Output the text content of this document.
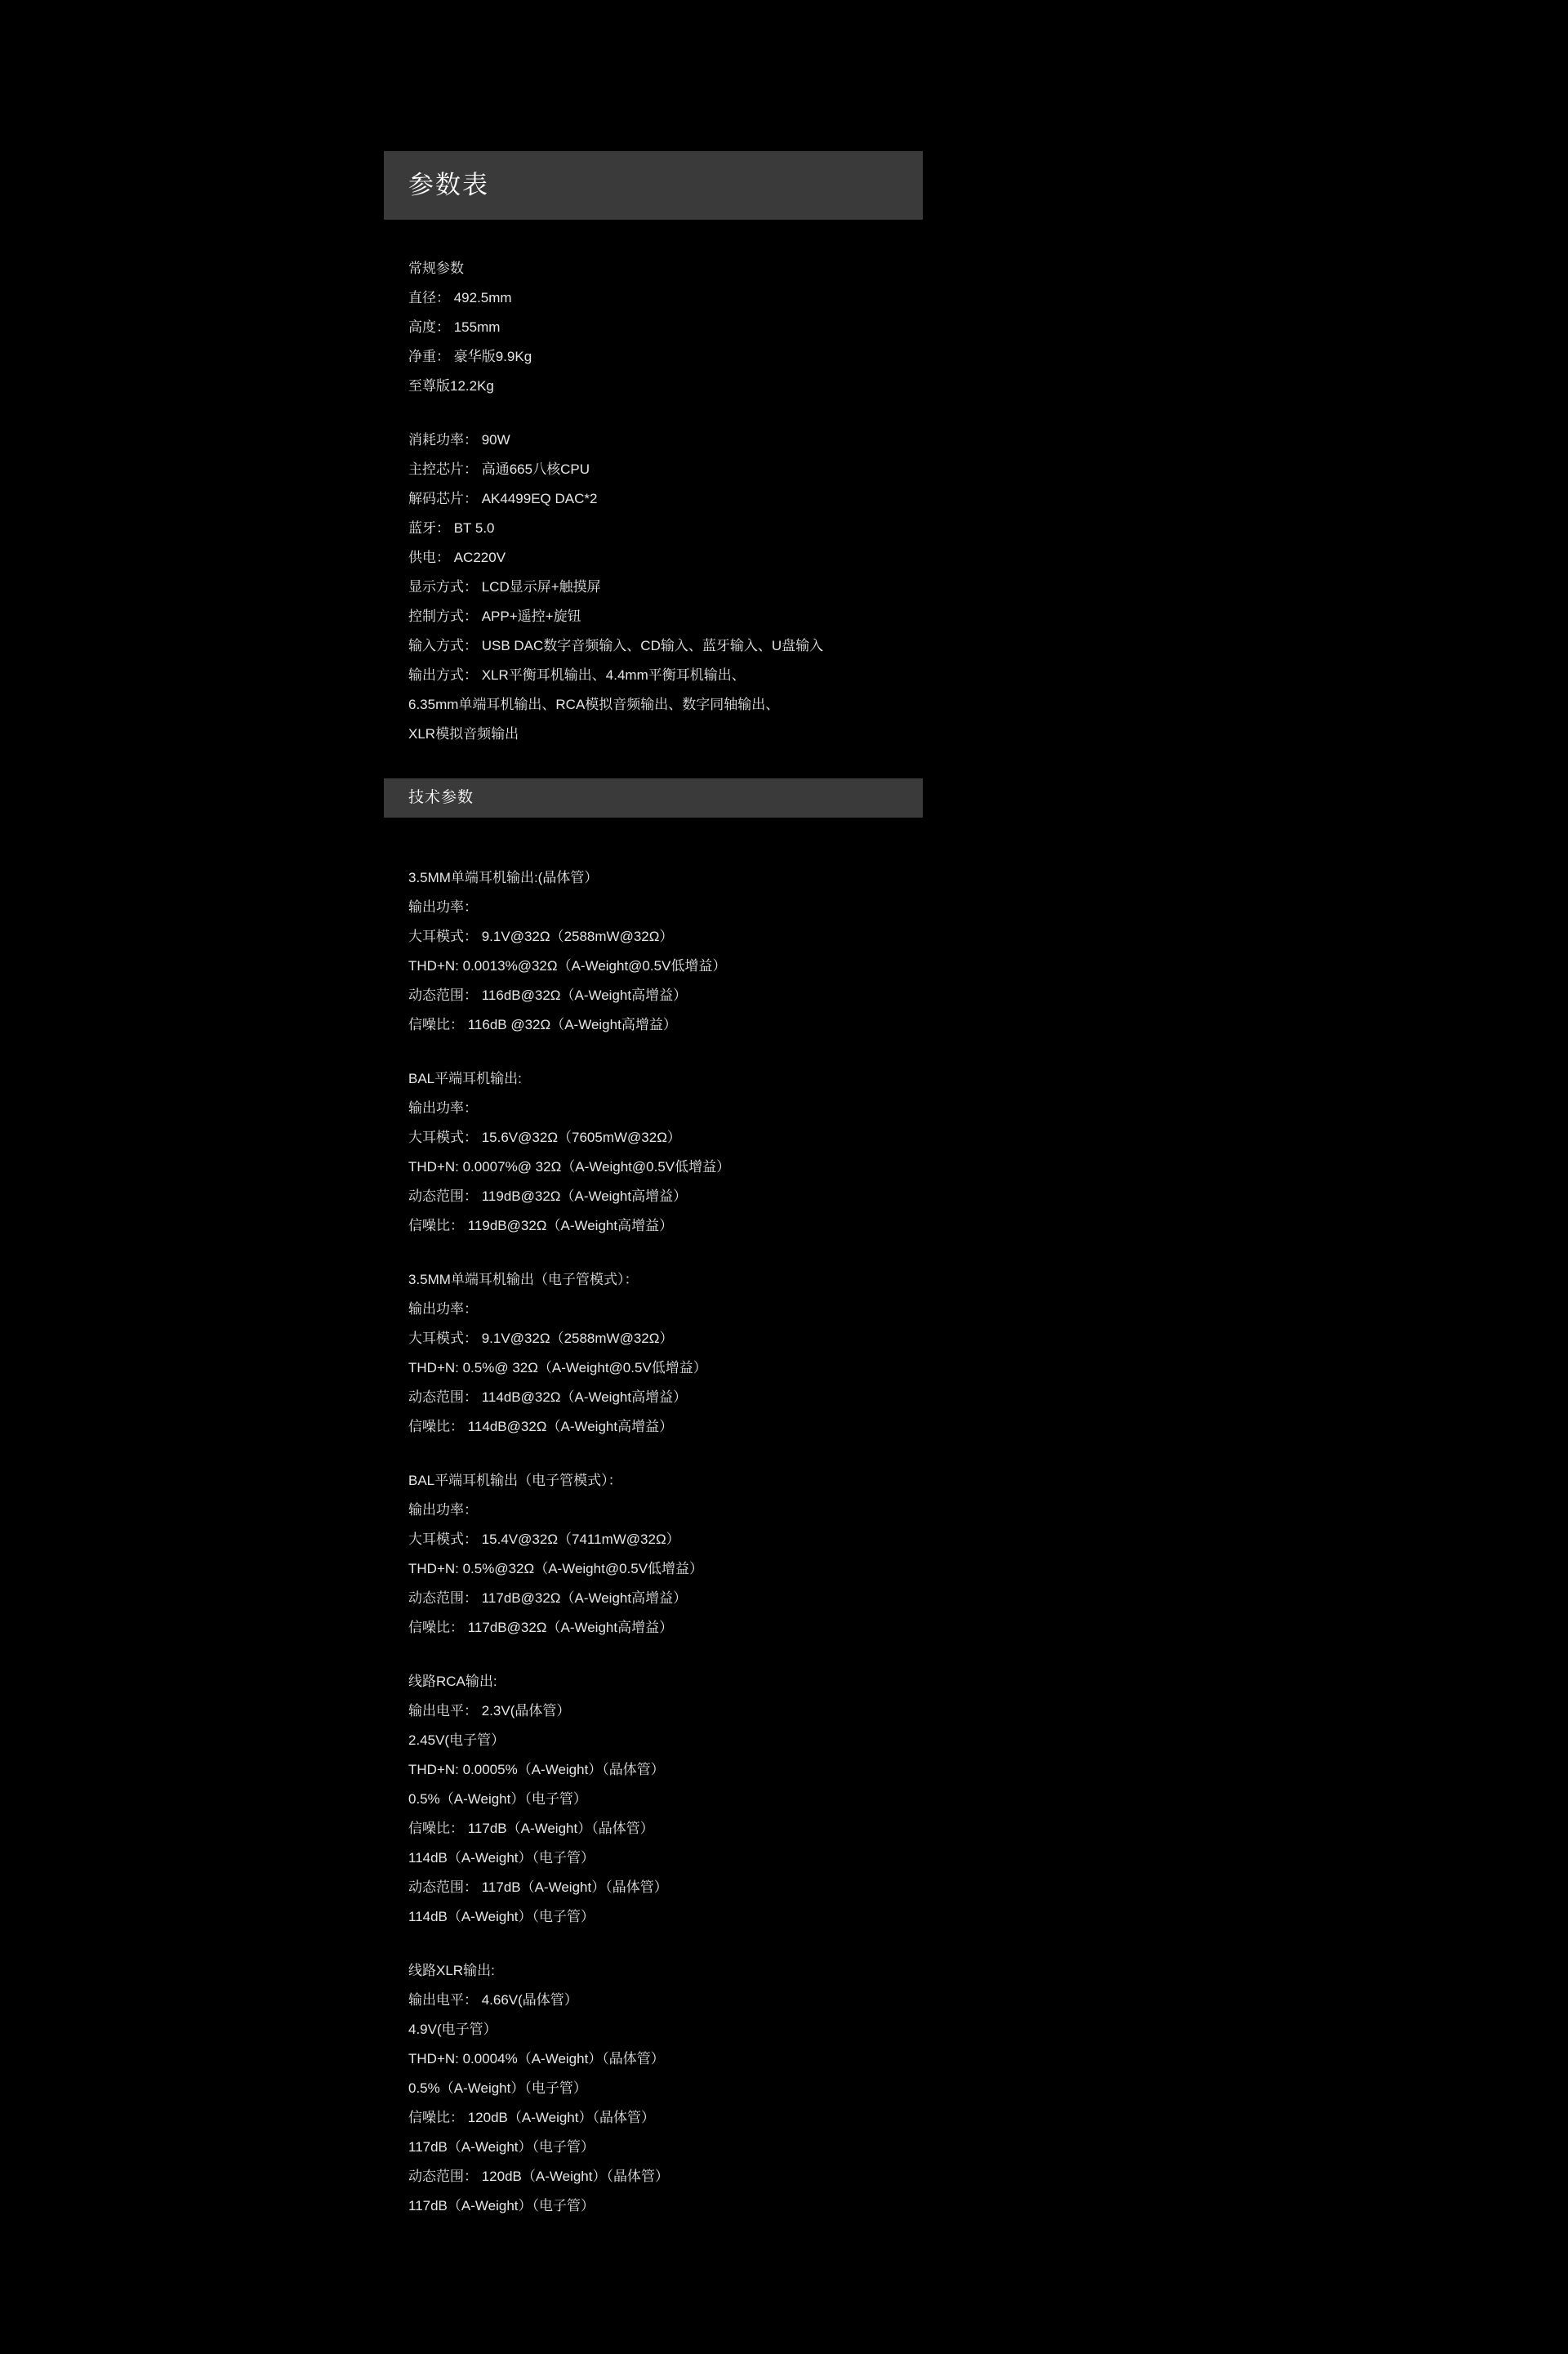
参数表
常规参数
直径： 492.5mm
高度： 155mm
净重： 豪华版9.9Kg
至尊版12.2Kg
消耗功率： 90W
主控芯片： 高通665八核CPU
解码芯片： AK4499EQ DAC*2
蓝牙： BT 5.0
供电： AC220V
显示方式： LCD显示屏+触摸屏
控制方式： APP+遥控+旋钮
输入方式： USB DAC数字音频输入、CD输入、蓝牙输入、U盘输入
输出方式： XLR平衡耳机输出、4.4mm平衡耳机输出、
6.35mm单端耳机输出、RCA模拟音频输出、数字同轴输出、
XLR模拟音频输出
技术参数
3.5MM单端耳机输出:(晶体管）
输出功率：
大耳模式： 9.1V@32Ω（2588mW@32Ω）
THD+N: 0.0013%@32Ω（A-Weight@0.5V低增益）
动态范围： 116dB@32Ω（A-Weight高增益）
信噪比： 116dB @32Ω（A-Weight高增益）
BAL平端耳机输出:
输出功率：
大耳模式： 15.6V@32Ω（7605mW@32Ω）
THD+N: 0.0007%@ 32Ω（A-Weight@0.5V低增益）
动态范围： 119dB@32Ω（A-Weight高增益）
信噪比： 119dB@32Ω（A-Weight高增益）
3.5MM单端耳机输出（电子管模式）：
输出功率：
大耳模式： 9.1V@32Ω（2588mW@32Ω）
THD+N: 0.5%@ 32Ω（A-Weight@0.5V低增益）
动态范围： 114dB@32Ω（A-Weight高增益）
信噪比： 114dB@32Ω（A-Weight高增益）
BAL平端耳机输出（电子管模式）：
输出功率：
大耳模式： 15.4V@32Ω（7411mW@32Ω）
THD+N: 0.5%@32Ω（A-Weight@0.5V低增益）
动态范围： 117dB@32Ω（A-Weight高增益）
信噪比： 117dB@32Ω（A-Weight高增益）
线路RCA输出:
输出电平： 2.3V(晶体管）
2.45V(电子管）
THD+N: 0.0005%（A-Weight）（晶体管）
0.5%（A-Weight）（电子管）
信噪比： 117dB（A-Weight）（晶体管）
114dB（A-Weight）（电子管）
动态范围： 117dB（A-Weight）（晶体管）
114dB（A-Weight）（电子管）
线路XLR输出:
输出电平： 4.66V(晶体管）
4.9V(电子管）
THD+N: 0.0004%（A-Weight）（晶体管）
0.5%（A-Weight）（电子管）
信噪比： 120dB（A-Weight）（晶体管）
117dB（A-Weight）（电子管）
动态范围： 120dB（A-Weight）（晶体管）
117dB（A-Weight）（电子管）
